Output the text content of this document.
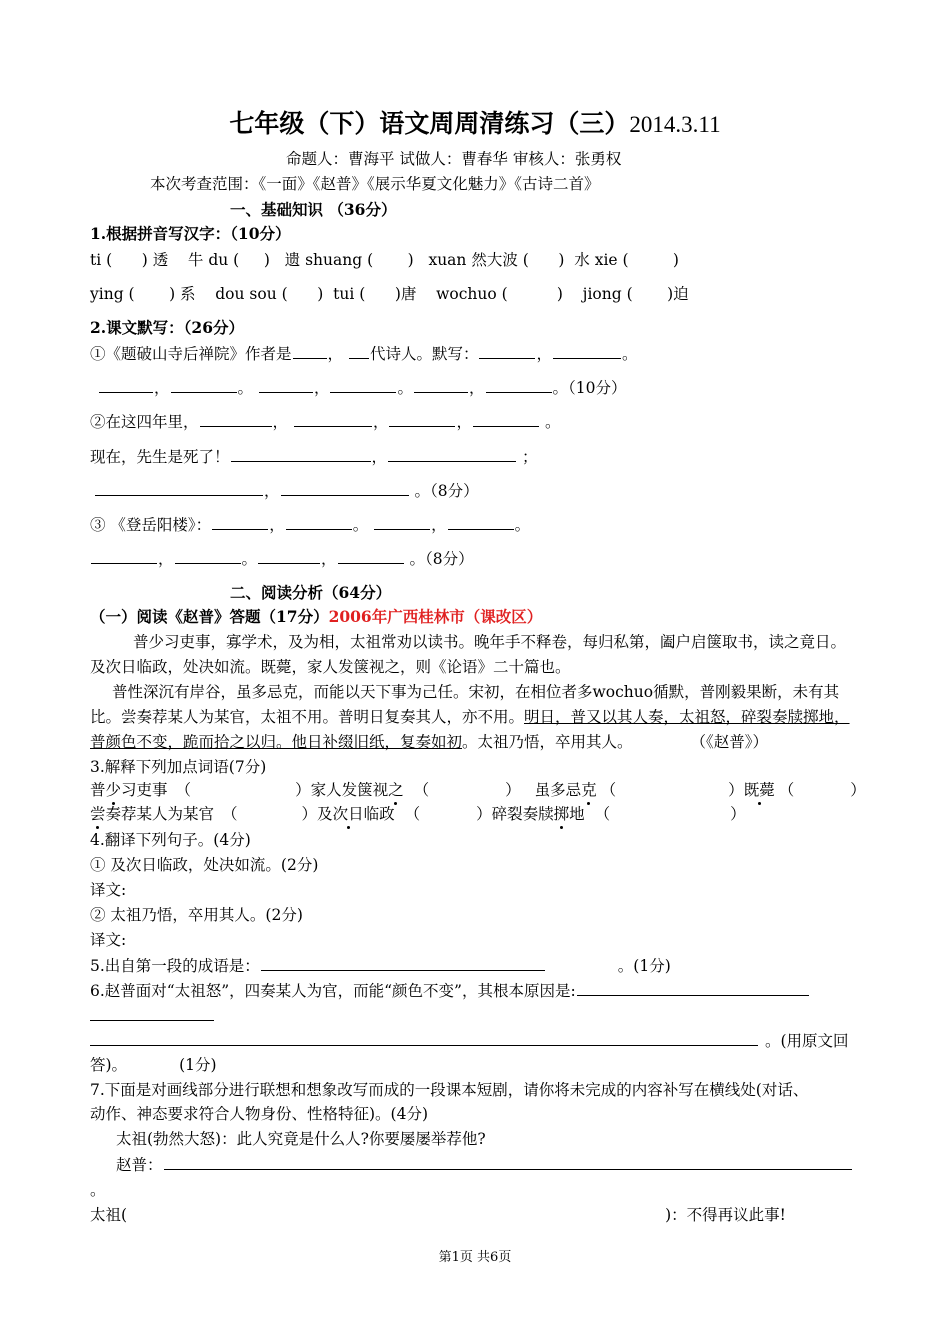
七年级（下）语文周周清练习（三）2014.3.11
命题人：曹海平 试做人：曹春华 审核人：张勇权
本次考查范围：《一面》《赵普》《展示华夏文化魅力》《古诗二首》
一、基础知识 （36分）
1.根据拼音写汉字：（10分）
ti (      ) 透    牛 du (     )   遗 shuang (       )   xuan 然大波 (      )  水 xie (         )
ying (       ) 系    dou sou (      )  tui (      )唐    wochuo (          )    jiong (       )迫
2.课文默写：（26分）
①《题破山寺后禅院》作者是 ， 代诗人。默写：	，	。
，	。	，	。	，	。（10分）
②在这四年里，	，	，	，	。
现在，先生是死了！	，	；
，	。（8分）
③ 《登岳阳楼》：	，	。	，	。
，	。	，	。（8分）
二、阅读分析（64分）
（一）阅读《赵普》答题（17分）2006年广西桂林市（课改区）
普少习吏事，寡学术，及为相，太祖常劝以读书。晚年手不释卷，每归私第，阖户启箧取书，读之竟日。
及次日临政，处决如流。既薨，家人发箧视之，则《论语》二十篇也。
普性深沉有岸谷，虽多忌克，而能以天下事为己任。宋初，在相位者多wochuo循默，普刚毅果断，未有其
比。尝奏荐某人为某官，太祖不用。普明日复奏其人，亦不用。明日，普又以其人奏，太祖怒，碎裂奏牍掷地，
普颜色不变，跪而拾之以归。他日补缀旧纸，复奏如初。太祖乃悟，卒用其人。	（《赵普》）
3.解释下列加点词语(7分)
普少习吏事 （	）家人发箧视之 （	） 虽多忌克 （	）既薨 （	）
尝奏荐某人为某官 （	）及次日临政 （	）碎裂奏牍掷地 （	）
4.翻译下列句子。(4分)
① 及次日临政，处决如流。(2分)
译文:
② 太祖乃悟，卒用其人。(2分)
译文:
5.出自第一段的成语是：	。(1分)
6.赵普面对“太祖怒”，四奏某人为官，而能“颜色不变”，其根本原因是:
。(用原文回
答)。	(1分)
7.下面是对画线部分进行联想和想象改写而成的一段课本短剧，请你将未完成的内容补写在横线处(对话、
动作、神态要求符合人物身份、性格特征)。(4分)
太祖(勃然大怒)：此人究竟是什么人?你要屡屡举荐他?
赵普：
。
太祖(	)：不得再议此事!
第1页 共6页
